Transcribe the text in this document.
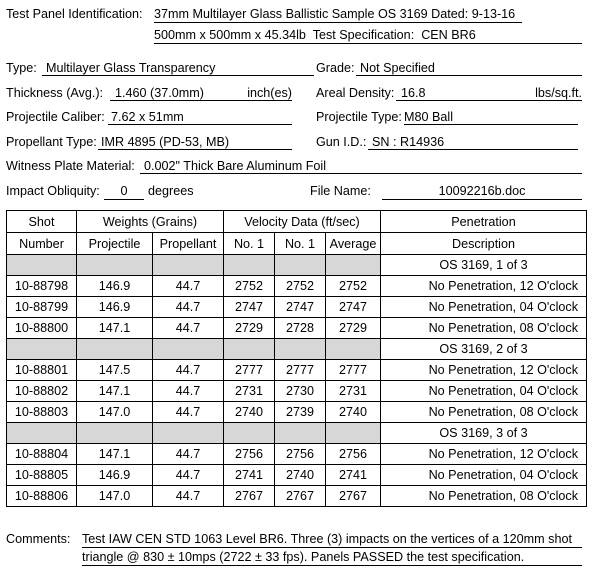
Test Panel Identification: 37mm Multilayer Glass Ballistic Sample OS 3169 Dated: 9-13-16
500mm x 500mm x 45.34lb Test Specification: CEN BR6
Type: Multilayer Glass Transparency	Grade: Not Specified
Thickness (Avg.): 1.460 (37.0mm)	inch(es) Areal Density: 16.8	lbs/sq.ft.
Projectile Caliber: 7.62 x 51mm	Projectile Type: M80 Ball
Propellant Type: IMR 4895 (PD-53, MB)	Gun I.D.: SN : R14936
Witness Plate Material: 0.002" Thick Bare Aluminum Foil
Impact Obliquity:	0	degrees	File Name:	10092216b.doc
Shot	Weights (Grains)		Velocity Data (ft/sec)			Penetration
Number	Projectile	Propellant	No. 1	No. 1	Average	Description
						OS 3169, 1 of 3
10-88798	146.9	44.7	2752	2752	2752	No Penetration, 12 O'clock
10-88799	146.9	44.7	2747	2747	2747	No Penetration, 04 O'clock
10-88800	147.1	44.7	2729	2728	2729	No Penetration, 08 O'clock
						OS 3169, 2 of 3
10-88801	147.5	44.7	2777	2777	2777	No Penetration, 12 O'clock
10-88802	147.1	44.7	2731	2730	2731	No Penetration, 04 O'clock
10-88803	147.0	44.7	2740	2739	2740	No Penetration, 08 O'clock
						OS 3169, 3 of 3
10-88804	147.1	44.7	2756	2756	2756	No Penetration, 12 O'clock
10-88805	146.9	44.7	2741	2740	2741	No Penetration, 04 O'clock
10-88806	147.0	44.7	2767	2767	2767	No Penetration, 08 O'clock
Comments: Test IAW CEN STD 1063 Level BR6. Three (3) impacts on the vertices of a 120mm shot
triangle @ 830 ± 10mps (2722 ± 33 fps). Panels PASSED the test specification.
